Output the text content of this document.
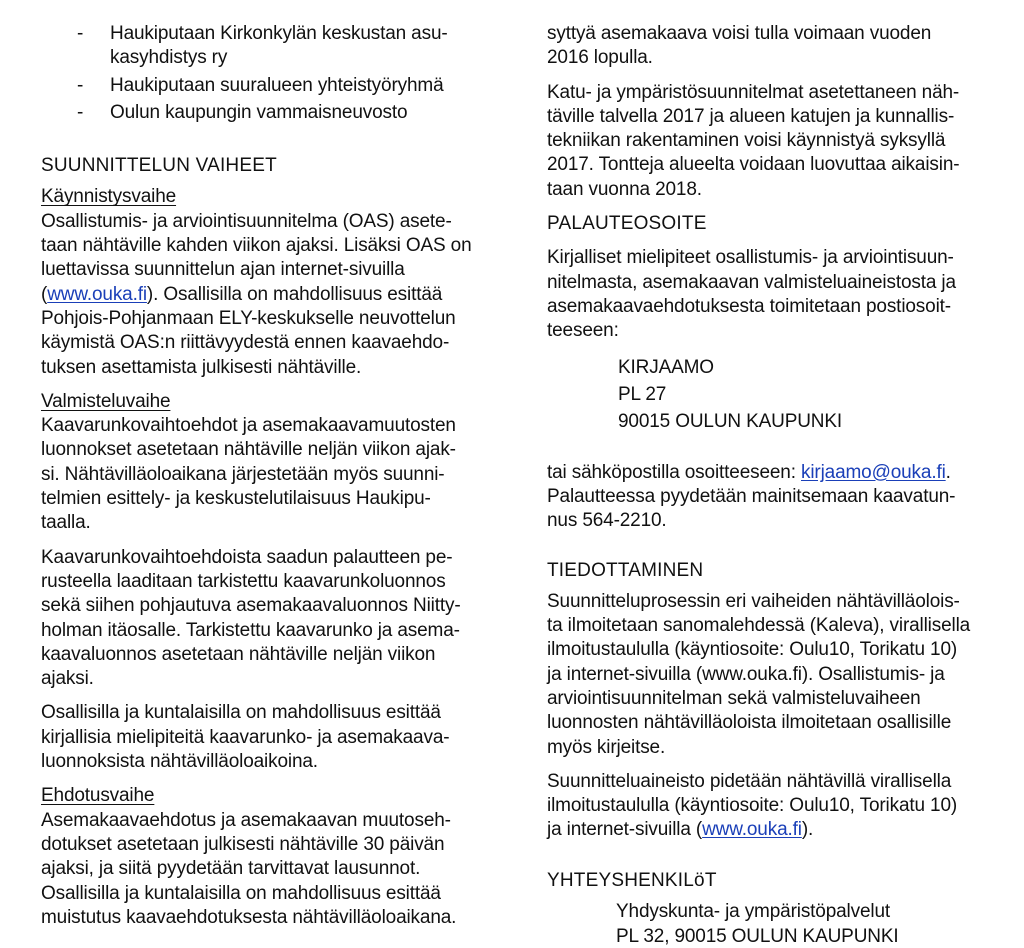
- Haukiputaan Kirkonkylän keskustan asu-
kasyhdistys ry
- Haukiputaan suuralueen yhteistyöryhmä
- Oulun kaupungin vammaisneuvosto
SUUNNITTELUN VAIHEET
Käynnistysvaihe

Osallistumis- ja arviointisuunnitelma (OAS) asete-
taan nähtäville kahden viikon ajaksi. Lisäksi OAS on
luettavissa suunnittelun ajan internet-sivuilla
(www.ouka.fi). Osallisilla on mahdollisuus esittää
Pohjois-Pohjanmaan ELY-keskukselle neuvottelun
käymistä OAS:n riittävyydestä ennen kaavaehdo-
tuksen asettamista julkisesti nähtäville.

Valmisteluvaihe

Kaavarunkovaihtoehdot ja asemakaavamuutosten
luonnokset asetetaan nähtäville neljän viikon ajak-
si. Nähtävilläoloaikana järjestetään myös suunni-
telmien esittely- ja keskustelutilaisuus Haukipu-
taalla.

Kaavarunkovaihtoehdoista saadun palautteen pe-
rusteella laaditaan tarkistettu kaavarunkoluonnos
sekä siihen pohjautuva asemakaavaluonnos Niitty-
holman itäosalle. Tarkistettu kaavarunko ja asema-
kaavaluonnos asetetaan nähtäville neljän viikon
ajaksi.

Osallisilla ja kuntalaisilla on mahdollisuus esittää
kirjallisia mielipiteitä kaavarunko- ja asemakaava-
luonnoksista nähtävilläoloaikoina.

Ehdotusvaihe

Asemakaavaehdotus ja asemakaavan muutoseh-
dotukset asetetaan julkisesti nähtäville 30 päivän
ajaksi, ja siitä pyydetään tarvittavat lausunnot.
Osallisilla ja kuntalaisilla on mahdollisuus esittää
muistutus kaavaehdotuksesta nähtävilläoloaikana.

syttyä asemakaava voisi tulla voimaan vuoden
2016 lopulla.

Katu- ja ympäristösuunnitelmat asetettaneen näh-
täville talvella 2017 ja alueen katujen ja kunnallis-
tekniikan rakentaminen voisi käynnistyä syksyllä
2017. Tontteja alueelta voidaan luovuttaa aikaisin-
taan vuonna 2018.

PALAUTEOSOITE

Kirjalliset mielipiteet osallistumis- ja arviointisuun-
nitelmasta, asemakaavan valmisteluaineistosta ja
asemakaavaehdotuksesta toimitetaan postiosoit-
teeseen:

KIRJAAMO
PL 27
90015 OULUN KAUPUNKI

tai sähköpostilla osoitteeseen: kirjaamo@ouka.fi.
Palautteessa pyydetään mainitsemaan kaavatun-
nus 564-2210.

TIEDOTTAMINEN

Suunnitteluprosessin eri vaiheiden nähtävilläolois-
ta ilmoitetaan sanomalehdessä (Kaleva), virallisella
ilmoitustaululla (käyntiosoite: Oulu10, Torikatu 10)
ja internet-sivuilla (www.ouka.fi). Osallistumis- ja
arviointisuunnitelman sekä valmisteluvaiheen
luonnosten nähtävilläoloista ilmoitetaan osallisille
myös kirjeitse.

Suunnitteluaineisto pidetään nähtävillä virallisella
ilmoitustaululla (käyntiosoite: Oulu10, Torikatu 10)
ja internet-sivuilla (www.ouka.fi).

YHTEYSHENKILöT
Yhdyskunta- ja ympäristöpalvelut
PL 32, 90015 OULUN KAUPUNKI
